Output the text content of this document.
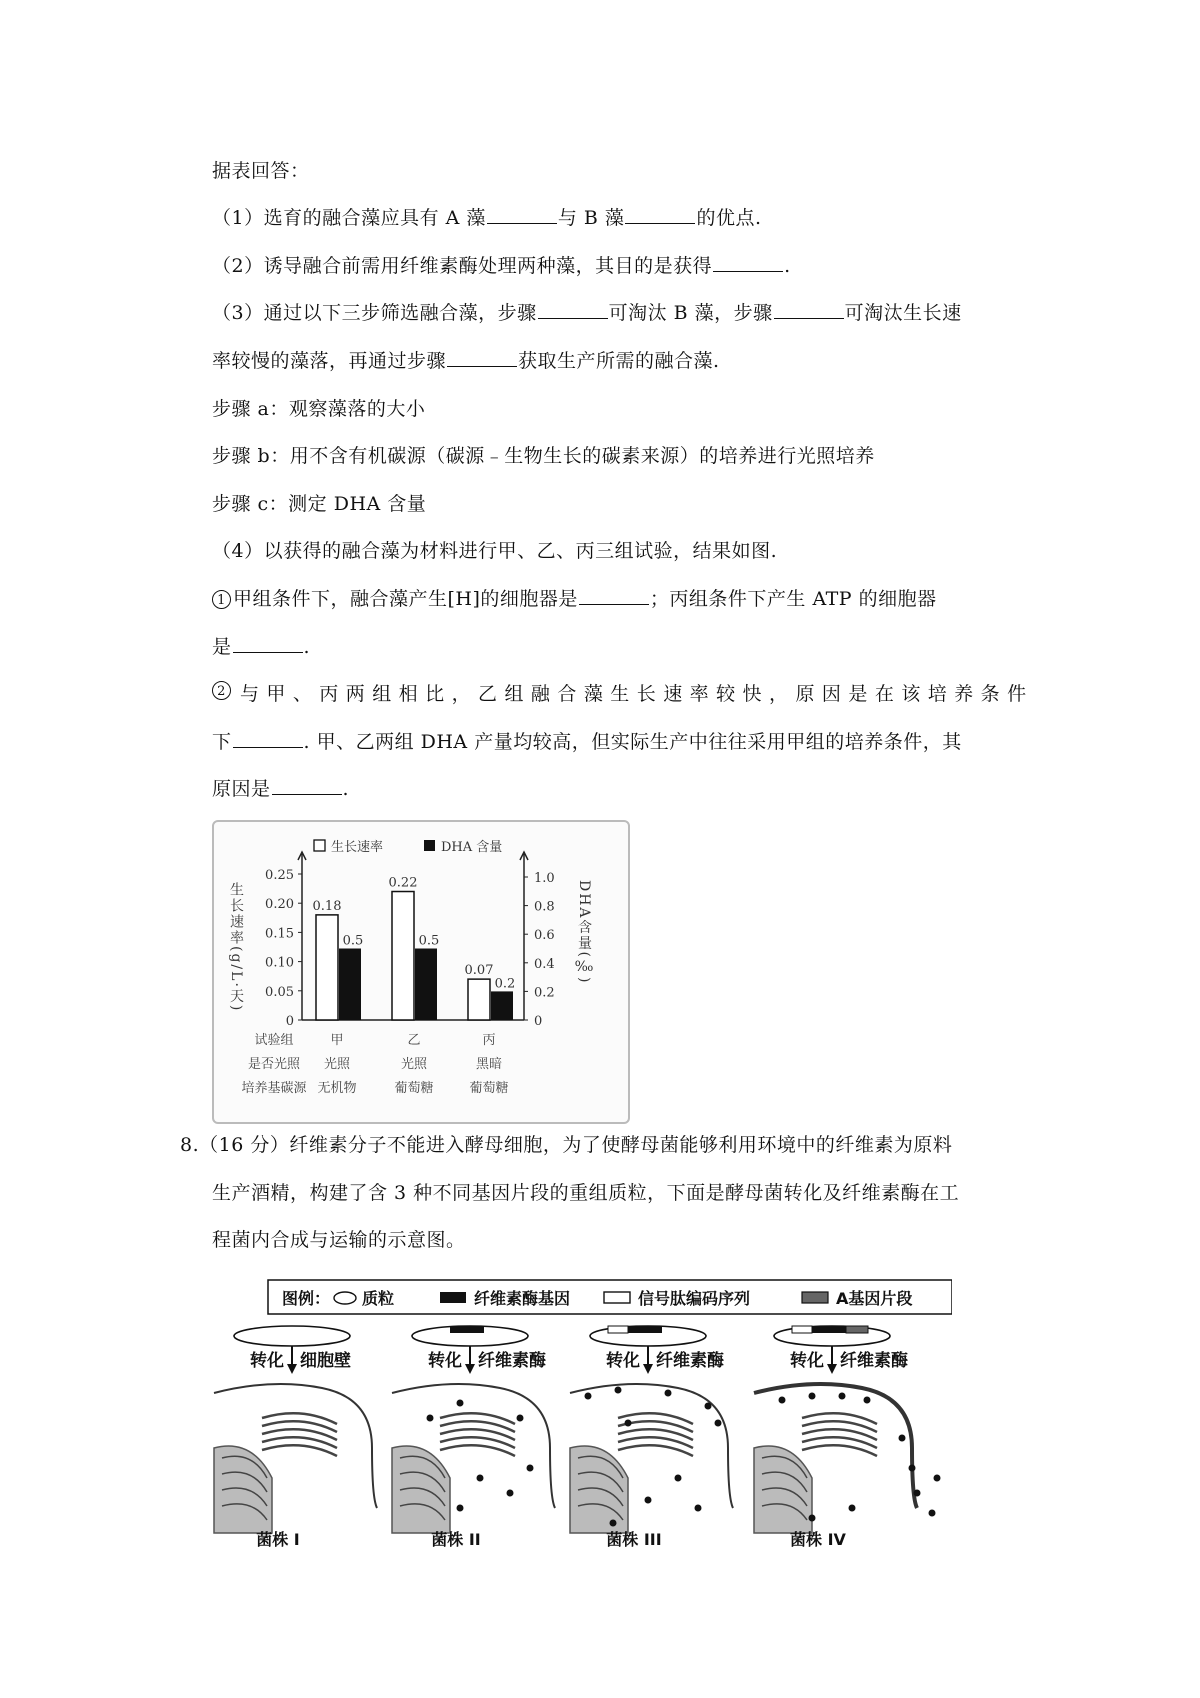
据表回答：
（1）选育的融合藻应具有 A 藻	与 B 藻	的优点.
（2）诱导融合前需用纤维素酶处理两种藻，其目的是获得	.
（3）通过以下三步筛选融合藻，步骤	可淘汰 B 藻，步骤	可淘汰生长速
率较慢的藻落，再通过步骤	获取生产所需的融合藻.
步骤 a：观察藻落的大小
步骤 b：用不含有机碳源（碳源﹣生物生长的碳素来源）的培养进行光照培养
步骤 c：测定 DHA 含量
（4）以获得的融合藻为材料进行甲、乙、丙三组试验，结果如图.
1 甲组条件下，融合藻产生[H]的细胞器是	；丙组条件下产生 ATP 的细胞器
是	.
2 与 甲 、 丙 两 组 相 比 ， 乙 组 融 合 藻 生 长 速 率 较 快 ， 原 因 是 在 该 培 养 条 件
下	. 甲、乙两组 DHA 产量均较高，但实际生产中往往采用甲组的培养条件，其
原因是	.
0
0.05
0.10
0.15
0.20
0.25
0
0.2
0.4
0.6
0.8
1.0
生长速率(g/L·天)	DHA含量(‰)
生长速率	DHA 含量
0.18
0.5
0.22
0.5
0.07
0.2
试验组	甲	乙	丙
是否光照 光照	光照	黑暗
培养基碳源 无机物	葡萄糖	葡萄糖
8.（16 分）纤维素分子不能进入酵母细胞，为了使酵母菌能够利用环境中的纤维素为原料
生产酒精，构建了含 3 种不同基因片段的重组质粒，下面是酵母菌转化及纤维素酶在工
程菌内合成与运输的示意图。
图例： 质粒	纤维素酶基因	信号肽编码序列	A基因片段
转化 细胞壁
菌株 I
转化 纤维素酶
菌株 II
转化 纤维素酶
菌株 III
转化 纤维素酶
菌株 IV
